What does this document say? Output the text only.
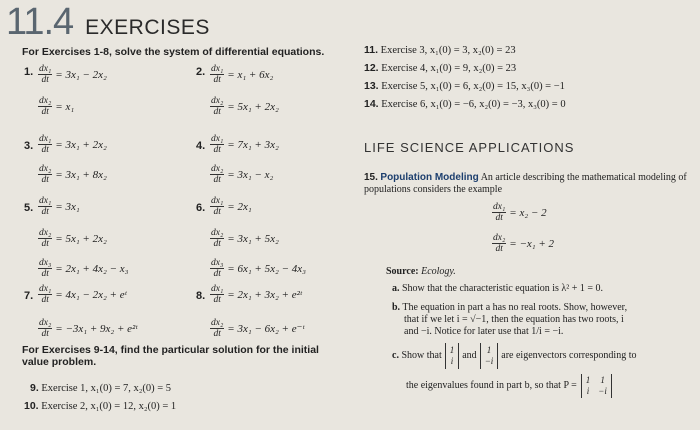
11.4 EXERCISES
For Exercises 1-8, solve the system of differential equations.
1. $\frac{\text{dx₁}}{dt} = 3x_1 - 2x_2$
$\frac{\text{dx₂}}{dt} = x_1$
2. $\frac{\text{dx₁}}{dt} = x_1 + 6x_2$
$\frac{\text{dx₂}}{dt} = 5x_1 + 2x_2$
3. $\frac{\text{dx₁}}{dt} = 3x_1 + 2x_2$
$\frac{\text{dx₂}}{dt} = 3x_1 + 8x_2$
4. $\frac{\text{dx₁}}{dt} = 7x_1 + 3x_2$
$\frac{\text{dx₂}}{dt} = 3x_1 - x_2$
5. $\frac{\text{dx₁}}{dt} = 3x_1$
$\frac{\text{dx₂}}{dt} = 5x_1 + 2x_2$
$\frac{\text{dx₃}}{dt} = 2x_1 + 4x_2 - x_3$
6. $\frac{\text{dx₁}}{dt} = 2x_1$
$\frac{\text{dx₂}}{dt} = 3x_1 + 5x_2$
$\frac{\text{dx₃}}{dt} = 6x_1 + 5x_2 - 4x_3$
7. $\frac{\text{dx₁}}{dt} = 4x_1 - 2x_2$ + eᵗ
$\frac{\text{dx₂}}{dt} = -3x_1 + 9x_2$ + e²ᵗ
8. $\frac{\text{dx₁}}{dt} = 2x_1 + 3x_2$ + e²ᵗ
$\frac{\text{dx₂}}{dt} = 3x_1 - 6x_2$ + e⁻ᵗ
For Exercises 9-14, find the particular solution for the initial value problem.
9. Exercise 1, x₁(0) = 7, x₂(0) = 5
10. Exercise 2, x₁(0) = 12, x₂(0) = 1
11. Exercise 3, x₁(0) = 3, x₂(0) = 23
12. Exercise 4, x₁(0) = 9, x₂(0) = 23
13. Exercise 5, x₁(0) = 6, x₂(0) = 15, x₃(0) = −1
14. Exercise 6, x₁(0) = −6, x₂(0) = −3, x₃(0) = 0
LIFE SCIENCE APPLICATIONS
15. Population Modeling An article describing the mathematical modeling of populations considers the example
$\frac{\text{dx₁}}{dt} = x_2 - 2$
$\frac{\text{dx₂}}{dt} = -x_1 + 2$
Source: Ecology.
a. Show that the characteristic equation is λ² + 1 = 0.
b. The equation in part a has no real roots. Show, however,
that if we let i = √−1, then the equation has two roots, i
and −i. Notice for later use that 1/i = −i.
c.
Show that 1
i and 1
−i are eigenvectors corresponding to
the eigenvalues found in part b, so that P = 1
i
1
−i
